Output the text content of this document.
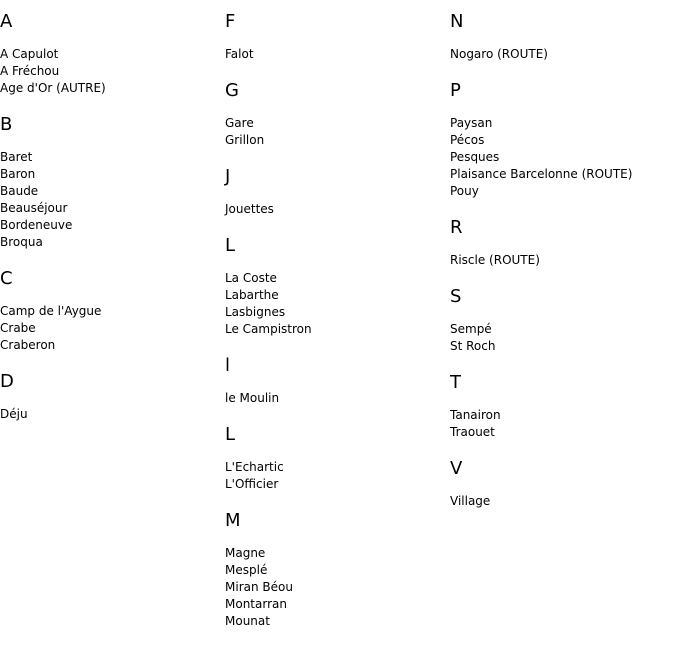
A
A Capulot
A Fréchou
Age d'Or (AUTRE)
B
Baret
Baron
Baude
Beauséjour
Bordeneuve
Broqua
C
Camp de l'Aygue
Crabe
Craberon
D
Déju
F
Falot
G
Gare
Grillon
J
Jouettes
L
La Coste
Labarthe
Lasbignes
Le Campistron
l
le Moulin
L
L'Echartic
L'Officier
M
Magne
Mesplé
Miran Béou
Montarran
Mounat
N
Nogaro (ROUTE)
P
Paysan
Pécos
Pesques
Plaisance Barcelonne (ROUTE)
Pouy
R
Riscle (ROUTE)
S
Sempé
St Roch
T
Tanairon
Traouet
V
Village
